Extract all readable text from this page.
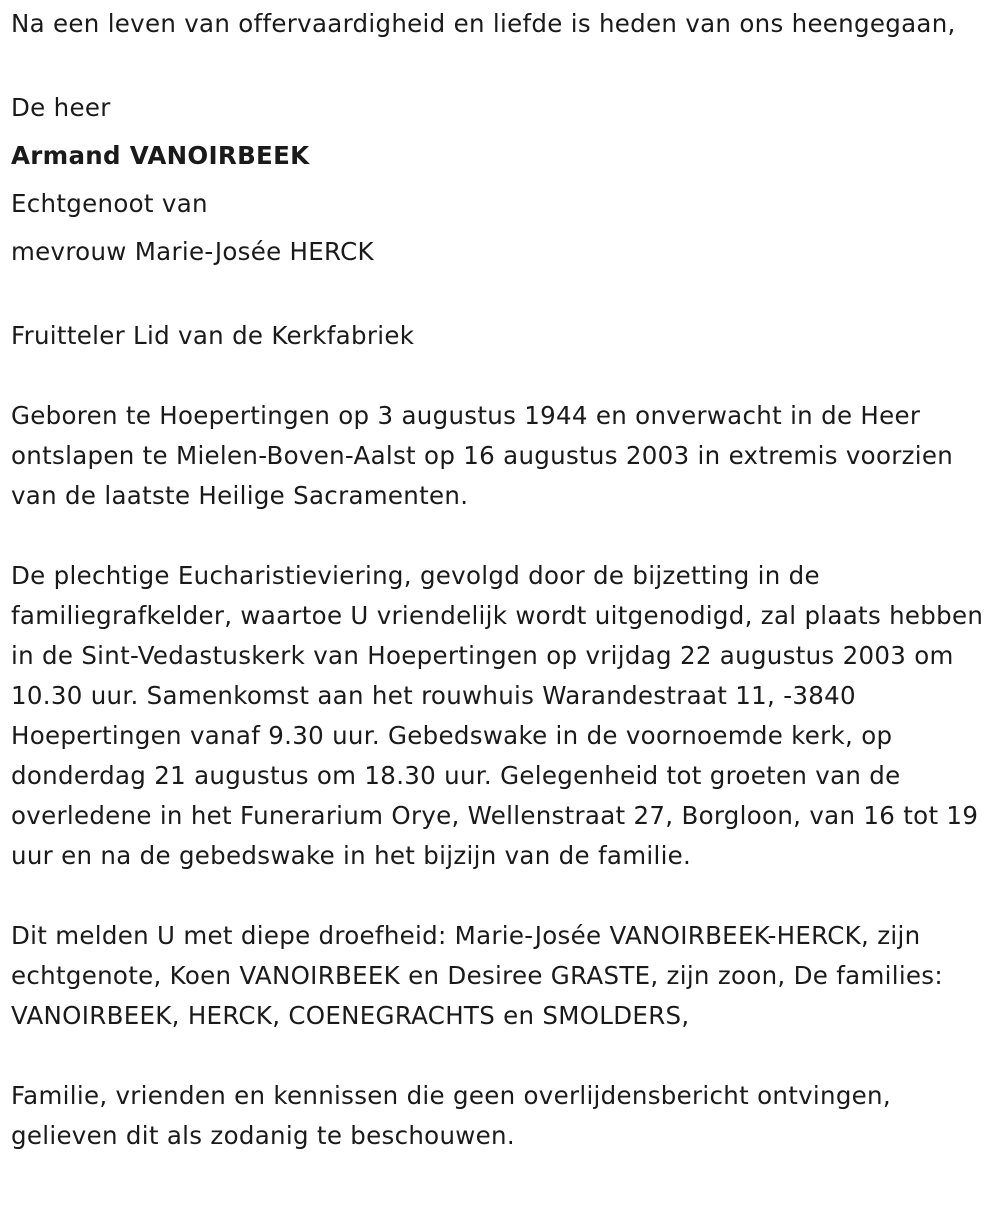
Na een leven van offervaardigheid en liefde is heden van ons heengegaan,

De heer

Armand VANOIRBEEK

Echtgenoot van

mevrouw Marie-Josée HERCK

Fruitteler Lid van de Kerkfabriek

Geboren te Hoepertingen op 3 augustus 1944 en onverwacht in de Heer ontslapen te Mielen-Boven-Aalst op 16 augustus 2003 in extremis voorzien van de laatste Heilige Sacramenten.

De plechtige Eucharistieviering, gevolgd door de bijzetting in de familiegrafkelder, waartoe U vriendelijk wordt uitgenodigd, zal plaats hebben in de Sint-Vedastuskerk van Hoepertingen op vrijdag 22 augustus 2003 om 10.30 uur. Samenkomst aan het rouwhuis Warandestraat 11, -3840 Hoepertingen vanaf 9.30 uur. Gebedswake in de voornoemde kerk, op donderdag 21 augustus om 18.30 uur. Gelegenheid tot groeten van de overledene in het Funerarium Orye, Wellenstraat 27, Borgloon, van 16 tot 19 uur en na de gebedswake in het bijzijn van de familie.

Dit melden U met diepe droefheid: Marie-Josée VANOIRBEEK-HERCK, zijn echtgenote, Koen VANOIRBEEK en Desiree GRASTE, zijn zoon, De families: VANOIRBEEK, HERCK, COENEGRACHTS en SMOLDERS,

Familie, vrienden en kennissen die geen overlijdensbericht ontvingen, gelieven dit als zodanig te beschouwen.
